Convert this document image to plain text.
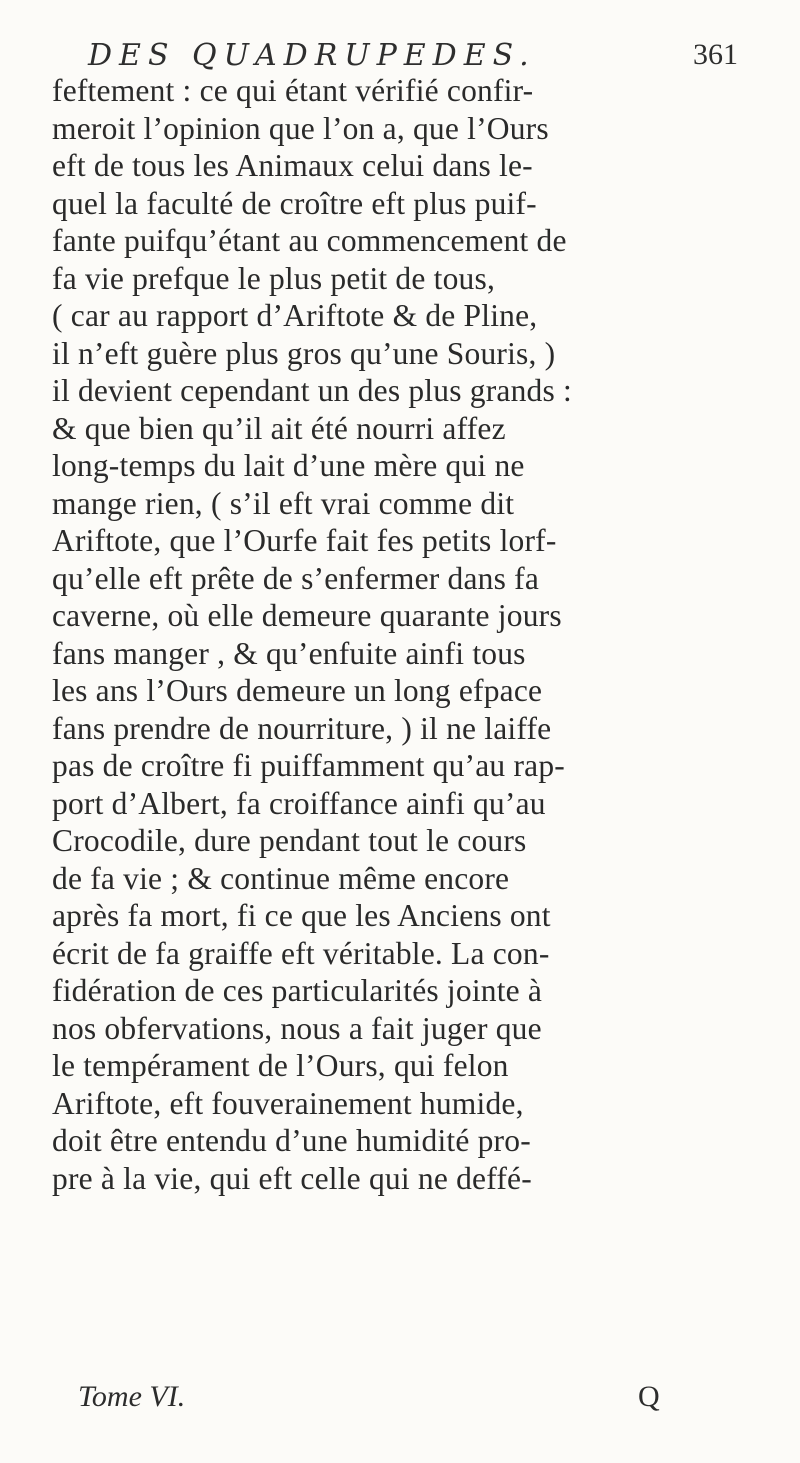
DES QUADRUPEDES.	361
feftement : ce qui étant vérifié confir-
meroit l’opinion que l’on a, que l’Ours
eft de tous les Animaux celui dans le-
quel la faculté de croître eft plus puif-
fante puifqu’étant au commencement de
fa vie prefque le plus petit de tous,
( car au rapport d’Ariftote & de Pline,
il n’eft guère plus gros qu’une Souris, )
il devient cependant un des plus grands :
& que bien qu’il ait été nourri affez
long-temps du lait d’une mère qui ne
mange rien, ( s’il eft vrai comme dit
Ariftote, que l’Ourfe fait fes petits lorf-
qu’elle eft prête de s’enfermer dans fa
caverne, où elle demeure quarante jours
fans manger , & qu’enfuite ainfi tous
les ans l’Ours demeure un long efpace
fans prendre de nourriture, ) il ne laiffe
pas de croître fi puiffamment qu’au rap-
port d’Albert, fa croiffance ainfi qu’au
Crocodile, dure pendant tout le cours
de fa vie ; & continue même encore
après fa mort, fi ce que les Anciens ont
écrit de fa graiffe eft véritable. La con-
fidération de ces particularités jointe à
nos obfervations, nous a fait juger que
le tempérament de l’Ours, qui felon
Ariftote, eft fouverainement humide,
doit être entendu d’une humidité pro-
pre à la vie, qui eft celle qui ne deffé-
Tome VI.	Q
